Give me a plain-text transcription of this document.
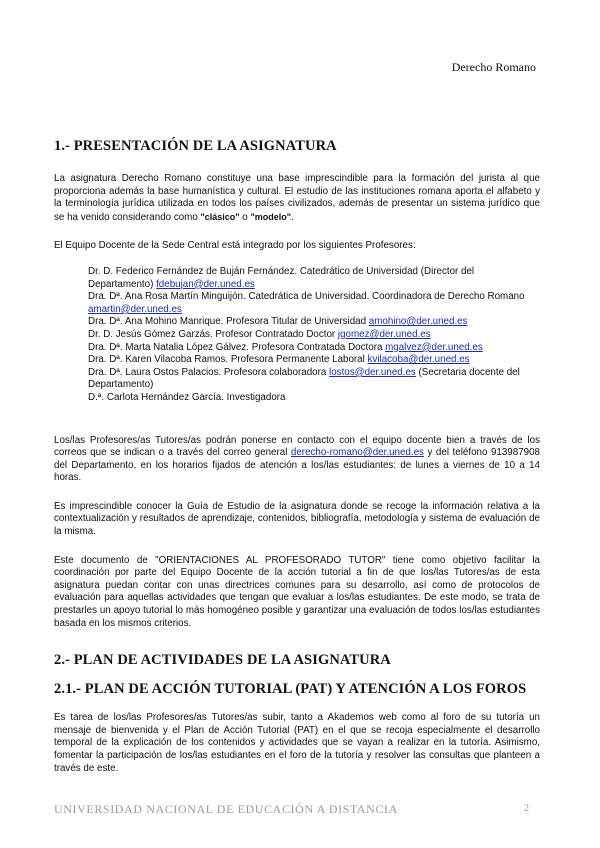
Derecho Romano
1.- PRESENTACIÓN DE LA ASIGNATURA

La asignatura Derecho Romano constituye una base imprescindible para la formación del jurista al que proporciona además la base humanística y cultural. El estudio de las instituciones romana aporta el alfabeto y la terminología jurídica utilizada en todos los países civilizados, además de presentar un sistema jurídico que se ha venido considerando como "clásico" o "modelo".

El Equipo Docente de la Sede Central está integrado por los siguientes Profesores:

Dr. D. Federico Fernández de Buján Fernández. Catedrático de Universidad (Director del Departamento) fdebujan@der.uned.es
Dra. Dª. Ana Rosa Martín Minguijón. Catedrática de Universidad. Coordinadora de Derecho Romano amartin@der.uned.es
Dra. Dª. Ana Mohino Manrique. Profesora Titular de Universidad amohino@der.uned.es
Dr. D. Jesús Gómez Garzás. Profesor Contratado Doctor jgomez@der.uned.es
Dra. Dª. Marta Natalia López Gálvez. Profesora Contratada Doctora mgalvez@der.uned.es
Dra. Dª. Karen Vilacoba Ramos. Profesora Permanente Laboral kvilacoba@der.uned.es
Dra. Dª. Laura Ostos Palacios. Profesora colaboradora lostos@der.uned.es (Secretaria docente del Departamento)
D.ª. Carlota Hernández García. Investigadora

Los/las Profesores/as Tutores/as podrán ponerse en contacto con el equipo docente bien a través de los correos que se indican o a través del correo general derecho-romano@der.uned.es y del teléfono 913987908 del Departamento, en los horarios fijados de atención a los/las estudiantes: de lunes a viernes de 10 a 14 horas.

Es imprescindible conocer la Guía de Estudio de la asignatura donde se recoge la información relativa a la contextualización y resultados de aprendizaje, contenidos, bibliografía, metodología y sistema de evaluación de la misma.

Este documento de "ORIENTACIONES AL PROFESORADO TUTOR" tiene como objetivo facilitar la coordinación por parte del Equipo Docente de la acción tutorial a fin de que los/las Tutores/as de esta asignatura puedan contar con unas directrices comunes para su desarrollo, así como de protocolos de evaluación para aquellas actividades que tengan que evaluar a los/las estudiantes. De este modo, se trata de prestarles un apoyo tutorial lo más homogéneo posible y garantizar una evaluación de todos los/las estudiantes basada en los mismos criterios.

2.- PLAN DE ACTIVIDADES DE LA ASIGNATURA
2.1.- PLAN DE ACCIÓN TUTORIAL (PAT) Y ATENCIÓN A LOS FOROS

Es tarea de los/las Profesores/as Tutores/as subir, tanto a Akademos web como al foro de su tutoría un mensaje de bienvenida y el Plan de Acción Tutorial (PAT) en el que se recoja especialmente el desarrollo temporal de la explicación de los contenidos y actividades que se vayan a realizar en la tutoría. Asimismo, fomentar la participación de los/las estudiantes en el foro de la tutoría y resolver las consultas que planteen a través de este.

UNIVERSIDAD NACIONAL DE EDUCACIÓN A DISTANCIA	2
